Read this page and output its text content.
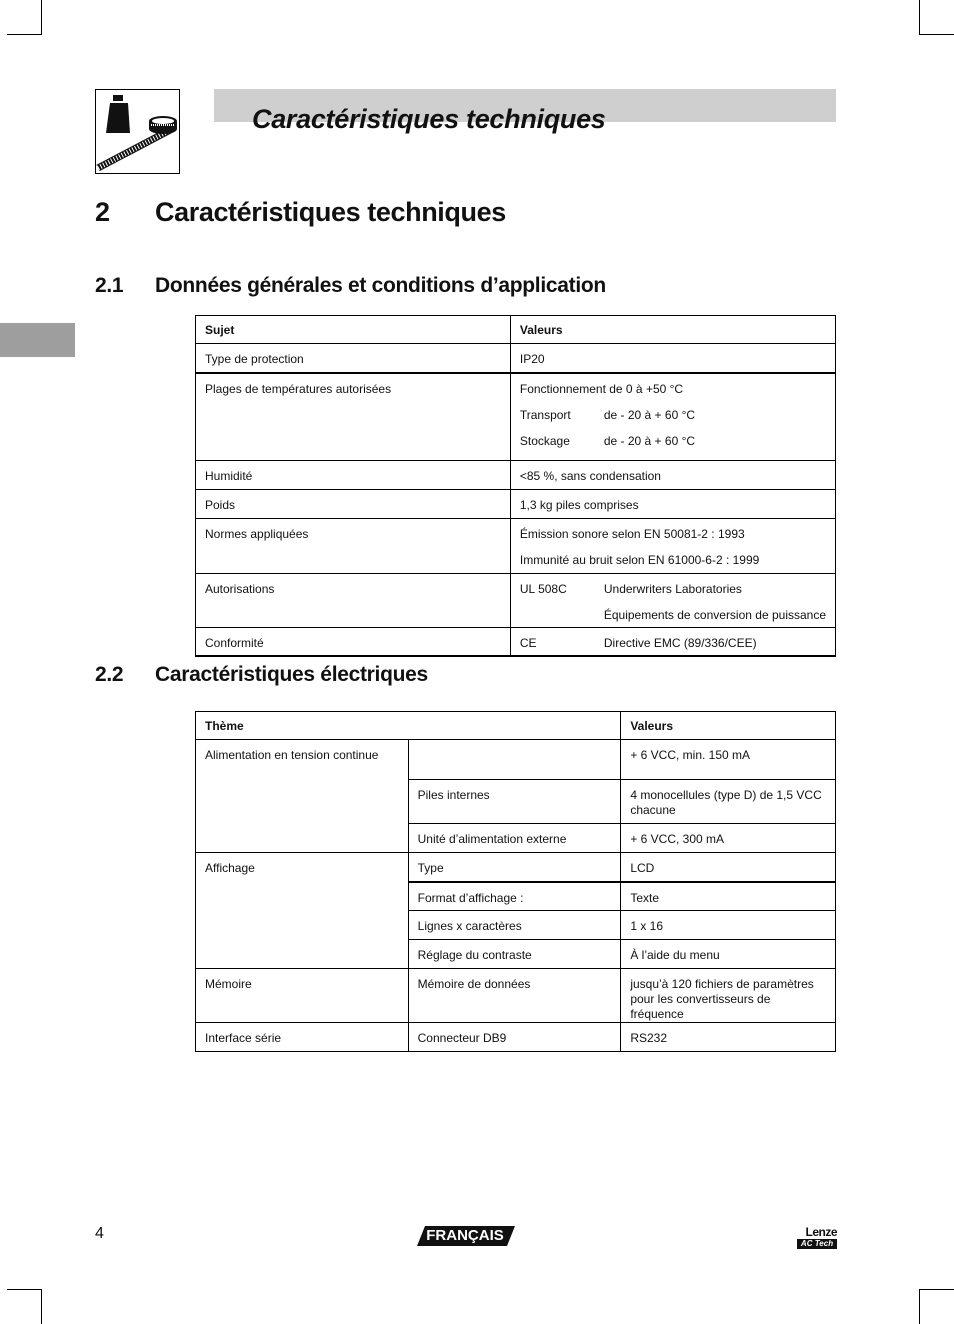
Caractéristiques techniques
2 Caractéristiques techniques
2.1 Données générales et conditions d’application
Sujet	Valeurs
Type de protection	IP20
Plages de températures autorisées	Fonctionnement de 0 à +50 °C
Transport de - 20 à + 60 °C
Stockage de - 20 à + 60 °C

Humidité	<85 %, sans condensation
Poids	1,3 kg piles comprises
Normes appliquées	Émission sonore selon EN 50081-2 : 1993
Immunité au bruit selon EN 61000-6-2 : 1999

Autorisations	UL 508C Underwriters Laboratories
Équipements de conversion de puissance

Conformité	CE Directive EMC (89/336/CEE)
2.2 Caractéristiques électriques
Thème		Valeurs
Alimentation en tension continue		+ 6 VCC, min. 150 mA
	Piles internes	4 monocellules (type D) de 1,5 VCC chacune
	Unité d’alimentation externe	+ 6 VCC, 300 mA
Affichage	Type	LCD
	Format d’affichage :	Texte
	Lignes x caractères	1 x 16
	Réglage du contraste	À l’aide du menu
Mémoire	Mémoire de données	jusqu’à 120 fichiers de paramètres pour les convertisseurs de fréquence
Interface série	Connecteur DB9	RS232
4	FRANÇAIS	Lenze
AC Tech
